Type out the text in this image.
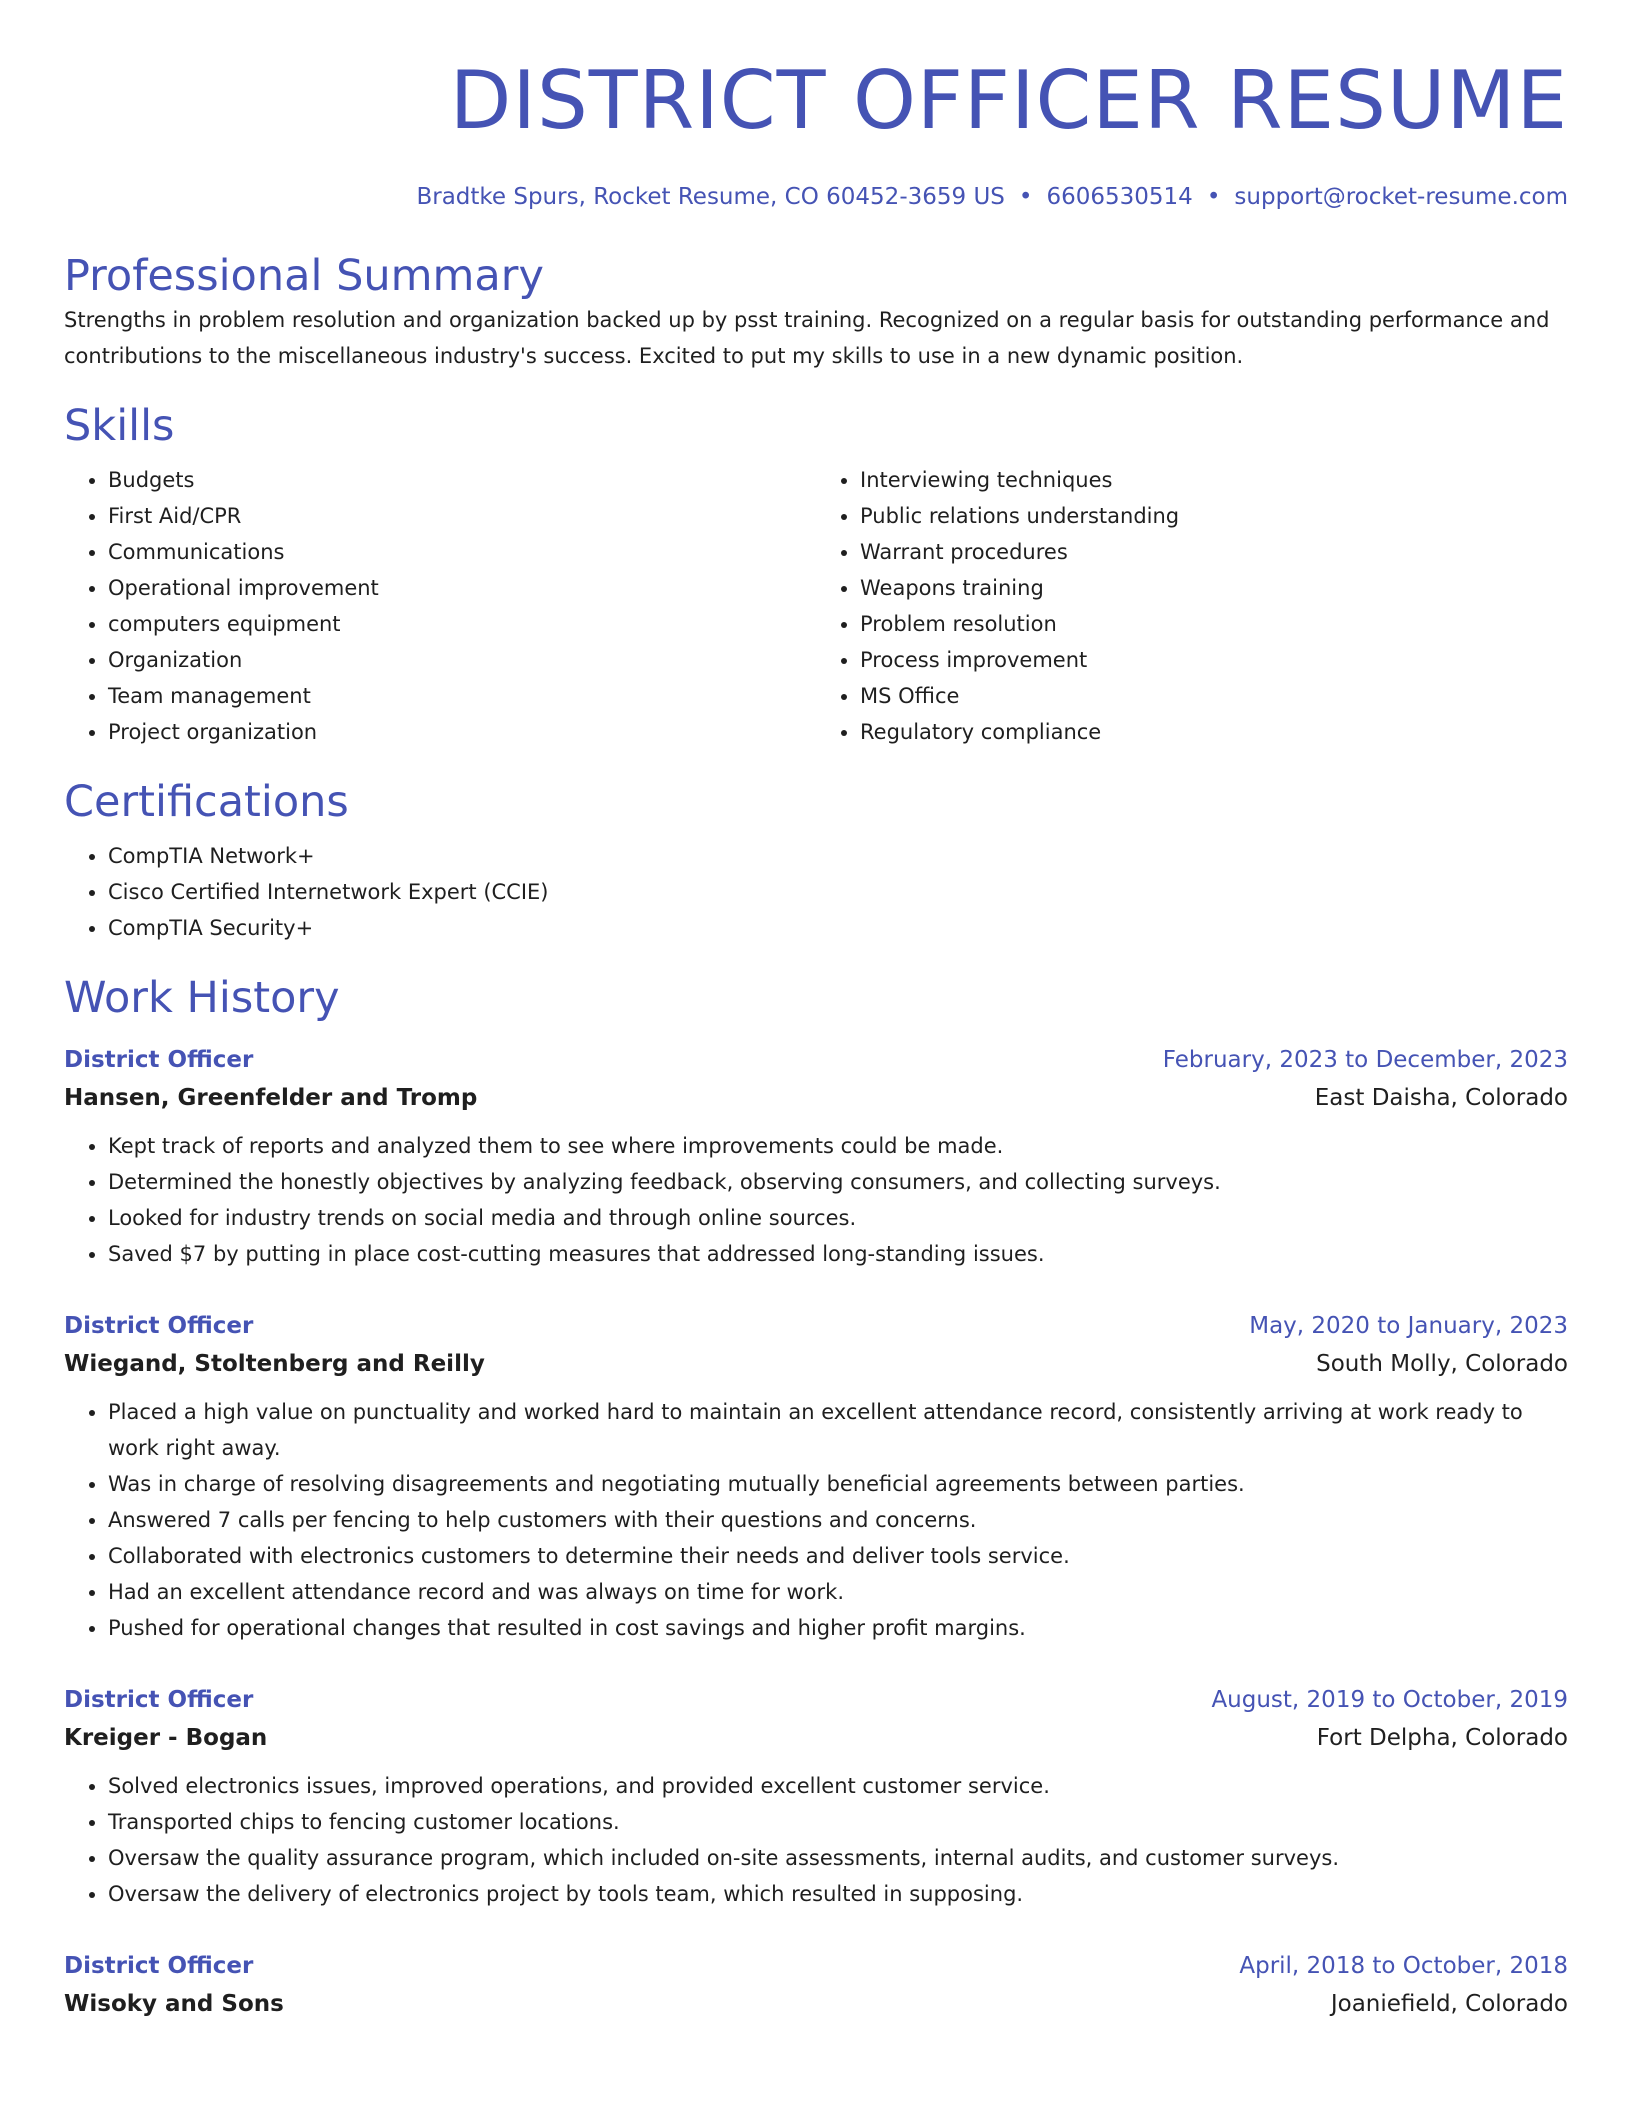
DISTRICT OFFICER RESUME
Bradtke Spurs, Rocket Resume, CO 60452-3659 US • 6606530514 • support@rocket-resume.com
Professional Summary

Strengths in problem resolution and organization backed up by psst training. Recognized on a regular basis for outstanding performance and contributions to the miscellaneous industry's success. Excited to put my skills to use in a new dynamic position.

Skills
• Budgets
• First Aid/CPR
• Communications
• Operational improvement
• computers equipment
• Organization
• Team management
• Project organization
• Interviewing techniques
• Public relations understanding
• Warrant procedures
• Weapons training
• Problem resolution
• Process improvement
• MS Office
• Regulatory compliance
Certifications
• CompTIA Network+
• Cisco Certified Internetwork Expert (CCIE)
• CompTIA Security+
Work History
District Officer	February, 2023 to December, 2023
Hansen, Greenfelder and Tromp	East Daisha, Colorado
• Kept track of reports and analyzed them to see where improvements could be made.
• Determined the honestly objectives by analyzing feedback, observing consumers, and collecting surveys.
• Looked for industry trends on social media and through online sources.
• Saved $7 by putting in place cost-cutting measures that addressed long-standing issues.
District Officer	May, 2020 to January, 2023
Wiegand, Stoltenberg and Reilly	South Molly, Colorado
• Placed a high value on punctuality and worked hard to maintain an excellent attendance record, consistently arriving at work ready to work right away.
• Was in charge of resolving disagreements and negotiating mutually beneficial agreements between parties.
• Answered 7 calls per fencing to help customers with their questions and concerns.
• Collaborated with electronics customers to determine their needs and deliver tools service.
• Had an excellent attendance record and was always on time for work.
• Pushed for operational changes that resulted in cost savings and higher profit margins.
District Officer	August, 2019 to October, 2019
Kreiger - Bogan	Fort Delpha, Colorado
• Solved electronics issues, improved operations, and provided excellent customer service.
• Transported chips to fencing customer locations.
• Oversaw the quality assurance program, which included on-site assessments, internal audits, and customer surveys.
• Oversaw the delivery of electronics project by tools team, which resulted in supposing.
District Officer	April, 2018 to October, 2018
Wisoky and Sons	Joaniefield, Colorado
